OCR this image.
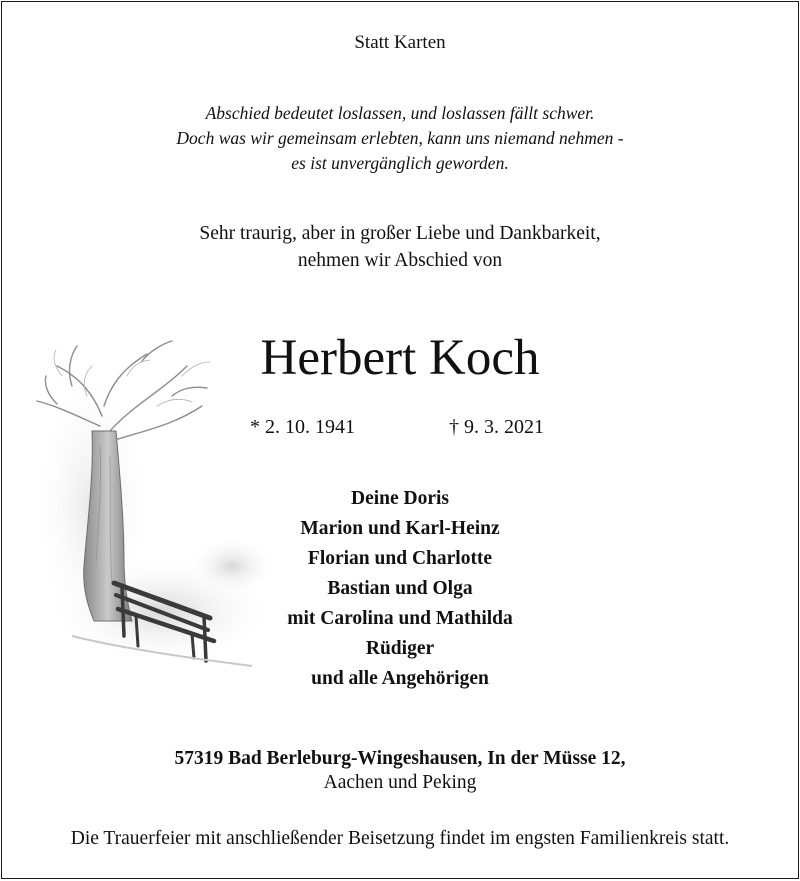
Statt Karten
Abschied bedeutet loslassen, und loslassen fällt schwer.
Doch was wir gemeinsam erlebten, kann uns niemand nehmen -
es ist unvergänglich geworden.
Sehr traurig, aber in großer Liebe und Dankbarkeit,
nehmen wir Abschied von
Herbert Koch
* 2. 10. 1941	† 9. 3. 2021
Deine Doris
Marion und Karl-Heinz
Florian und Charlotte
Bastian und Olga
mit Carolina und Mathilda
Rüdiger
und alle Angehörigen
57319 Bad Berleburg-Wingeshausen, In der Müsse 12,
Aachen und Peking
Die Trauerfeier mit anschließender Beisetzung findet im engsten Familienkreis statt.
